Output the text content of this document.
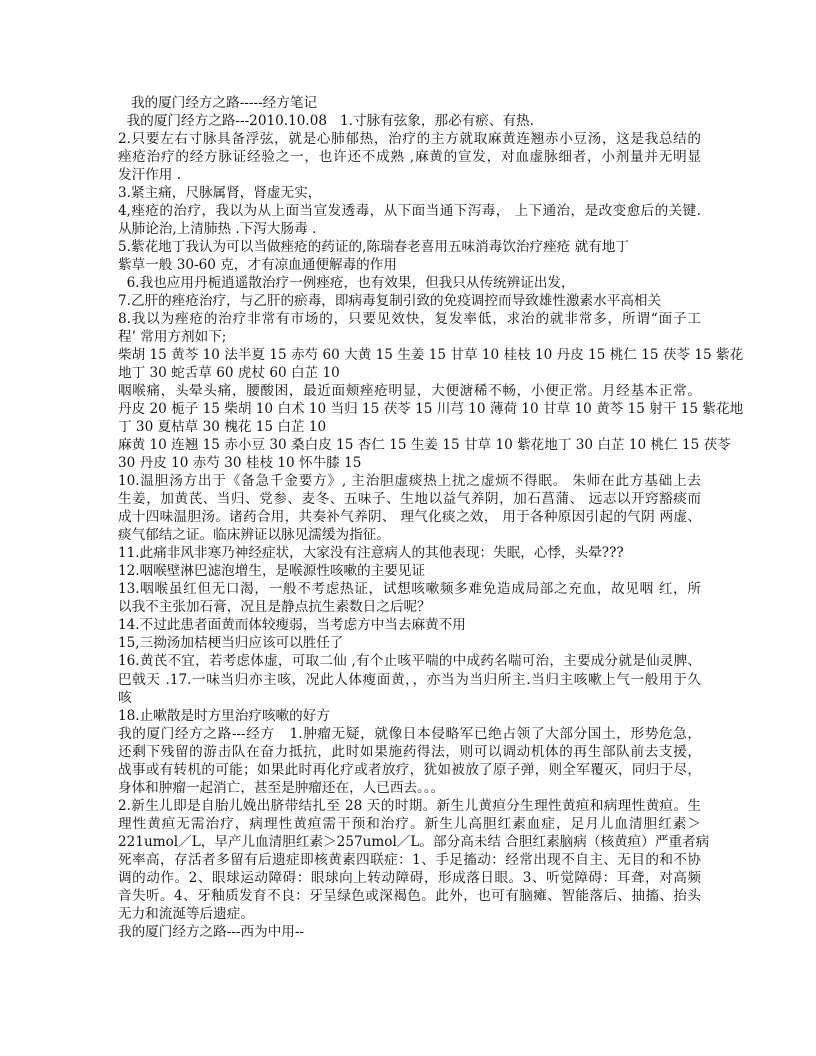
我的厦门经方之路-----经方笔记
我的厦门经方之路---2010.10.08   1.寸脉有弦象，那必有瘀、有热.
2.只要左右寸脉具备浮弦，就是心肺郁热，治疗的主方就取麻黄连翘赤小豆汤，这是我总结的
痤疮治疗的经方脉证经验之一，也许还不成熟 ,麻黄的宣发，对血虚脉细者，小剂量并无明显
发汗作用 .
3.紧主痛，尺脉属肾，肾虚无实，
4,痤疮的治疗，我以为从上面当宣发透毒，从下面当通下泻毒， 上下通治，是改变愈后的关键.
从肺论治,上清肺热 .下泻大肠毒 .
5.紫花地丁我认为可以当做痤疮的药证的,陈瑞春老喜用五味消毒饮治疗痤疮 就有地丁
紫草一般 30-60 克，才有凉血通便解毒的作用
6.我也应用丹栀逍遥散治疗一例痤疮，也有效果，但我只从传统辨证出发，
7.乙肝的痤疮治疗，与乙肝的瘀毒，即病毒复制引致的免疫调控而导致雄性激素水平高相关
8.我以为痤疮的治疗非常有市场的，只要见效快，复发率低，求治的就非常多，所谓“面子工
程’ 常用方剂如下;
柴胡 15 黄芩 10 法半夏 15 赤芍 60 大黄 15 生姜 15 甘草 10 桂枝 10 丹皮 15 桃仁 15 茯苓 15 紫花
地丁 30 蛇舌草 60 虎杖 60 白芷 10
咽喉痛，头晕头痛，腰酸困，最近面颊痤疮明显，大便溏稀不畅，小便正常。月经基本正常。
丹皮 20 栀子 15 柴胡 10 白术 10 当归 15 茯苓 15 川芎 10 薄荷 10 甘草 10 黄芩 15 射干 15 紫花地
丁 30 夏枯草 30 槐花 15 白芷 10
麻黄 10 连翘 15 赤小豆 30 桑白皮 15 杏仁 15 生姜 15 甘草 10 紫花地丁 30 白芷 10 桃仁 15 茯苓
30 丹皮 10 赤芍 30 桂枝 10 怀牛膝 15
10.温胆汤方出于《备急千金要方》, 主治胆虚痰热上扰之虚烦不得眠。 朱师在此方基础上去
生姜，加黄芪、当归、党参、麦冬、五味子、生地以益气养阴，加石菖蒲、 远志以开窍豁痰而
成十四味温胆汤。诸药合用，共奏补气养阴、 理气化痰之效， 用于各种原因引起的气阴 两虚、
痰气郁结之证。临床辨证以脉见濡缓为指征。
11.此痛非风非寒乃神经症状，大家没有注意病人的其他表现：失眠，心悸，头晕???
12.咽喉壁淋巴滤泡增生，是喉源性咳嗽的主要见证
13.咽喉虽红但无口渴，一般不考虑热证，试想咳嗽频多难免造成局部之充血，故见咽 红，所
以我不主张加石膏，况且是静点抗生素数日之后呢？
14.不过此患者面黄而体较瘦弱，当考虑方中当去麻黄不用
15,三拗汤加桔梗当归应该可以胜任了
16.黄芪不宜，若考虑体虚，可取二仙 ,有个止咳平喘的中成药名喘可治，主要成分就是仙灵脾、
巴戟天 .17.一味当归亦主咳，况此人体瘦面黄，，亦当为当归所主.当归主咳嗽上气一般用于久
咳
18.止嗽散是时方里治疗咳嗽的好方
我的厦门经方之路---经方   1.肿瘤无疑，就像日本侵略军已绝占领了大部分国土，形势危急，
还剩下残留的游击队在奋力抵抗，此时如果施药得法，则可以调动机体的再生部队前去支援，
战事或有转机的可能；如果此时再化疗或者放疗，犹如被放了原子弹，则全军覆灭，同归于尽，
身体和肿瘤一起消亡，甚至是肿瘤还在，人已西去。。。
2.新生儿即是自胎儿娩出脐带结扎至 28 天的时期。新生儿黄疸分生理性黄疸和病理性黄疸。生
理性黄疸无需治疗，病理性黄疸需干预和治疗。新生儿高胆红素血症，足月儿血清胆红素＞
221umol／L，早产儿血清胆红素＞257umol／L。部分高未结 合胆红素脑病（核黄疸）严重者病
死率高，存活者多留有后遗症即核黄素四联症：1、手足搐动：经常出现不自主、无目的和不协
调的动作。2、眼球运动障碍：眼球向上转动障碍，形成落日眼。3、听觉障碍：耳聋，对高频
音失听。4、牙釉质发育不良：牙呈绿色或深褐色。此外，也可有脑瘫、智能落后、抽搐、抬头
无力和流涎等后遗症。
我的厦门经方之路---西为中用--
